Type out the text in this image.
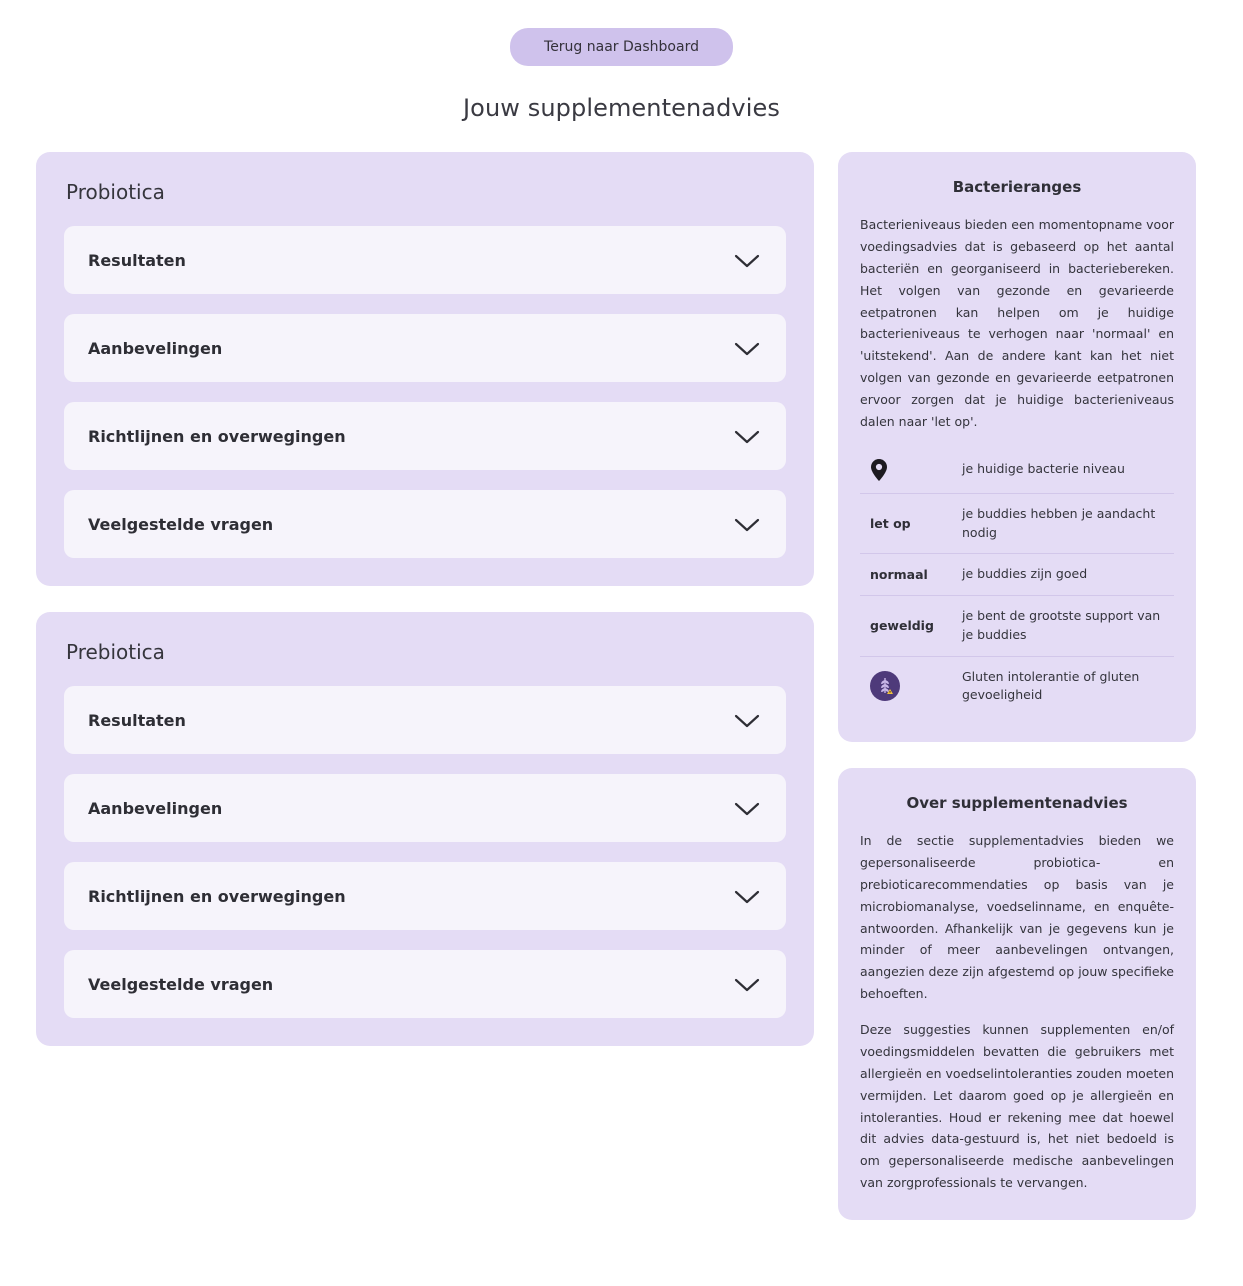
Terug naar Dashboard
Jouw supplementenadvies
Probiotica
Resultaten
Aanbevelingen
Richtlijnen en overwegingen
Veelgestelde vragen
Prebiotica
Resultaten
Aanbevelingen
Richtlijnen en overwegingen
Veelgestelde vragen
Bacterieranges

Bacterieniveaus bieden een momentopname voor voedingsadvies dat is gebaseerd op het aantal bacteriën en georganiseerd in bacteriebereken. Het volgen van gezonde en gevarieerde eetpatronen kan helpen om je huidige bacterieniveaus te verhogen naar 'normaal' en 'uitstekend'. Aan de andere kant kan het niet volgen van gezonde en gevarieerde eetpatronen ervoor zorgen dat je huidige bacterieniveaus dalen naar 'let op'.

je huidige bacterie niveau
let op
je buddies hebben je aandacht nodig
normaal	je buddies zijn goed
geweldig
je bent de grootste support van je buddies
Gluten intolerantie of gluten gevoeligheid
Over supplementenadvies

In de sectie supplementadvies bieden we gepersonaliseerde probiotica- en prebioticarecommendaties op basis van je microbiomanalyse, voedselinname, en enquête-antwoorden. Afhankelijk van je gegevens kun je minder of meer aanbevelingen ontvangen, aangezien deze zijn afgestemd op jouw specifieke behoeften.

Deze suggesties kunnen supplementen en/of voedingsmiddelen bevatten die gebruikers met allergieën en voedselintoleranties zouden moeten vermijden. Let daarom goed op je allergieën en intoleranties. Houd er rekening mee dat hoewel dit advies data-gestuurd is, het niet bedoeld is om gepersonaliseerde medische aanbevelingen van zorgprofessionals te vervangen.
